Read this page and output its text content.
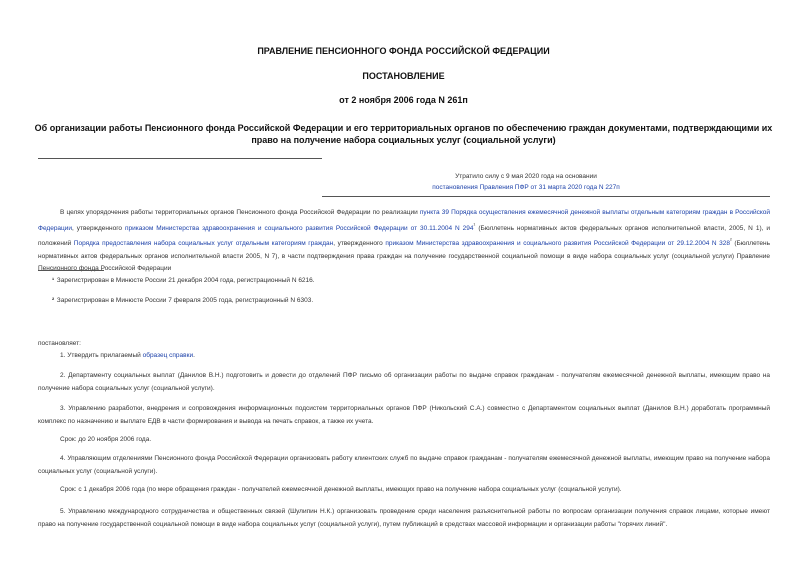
ПРАВЛЕНИЕ ПЕНСИОННОГО ФОНДА РОССИЙСКОЙ ФЕДЕРАЦИИ
ПОСТАНОВЛЕНИЕ
от 2 ноября 2006 года N 261п
Об организации работы Пенсионного фонда Российской Федерации и его территориальных органов по обеспечению граждан документами, подтверждающими их
право на получение набора социальных услуг (социальной услуги)
Утратило силу с 9 мая 2020 года на основании
постановления Правления ПФР от 31 марта 2020 года N 227п

В целях упорядочения работы территориальных органов Пенсионного фонда Российской Федерации по реализации пункта 39 Порядка осуществления ежемесячной денежной выплаты отдельным категориям граждан в Российской Федерации, утвержденного приказом Министерства здравоохранения и социального развития Российской Федерации от 30.11.2004 N $294^{^1}$ (Бюллетень нормативных актов федеральных органов исполнительной власти, 2005, N 1), и положений Порядка предоставления набора социальных услуг отдельным категориям граждан, утвержденного приказом Министерства здравоохранения и социального развития Российской Федерации от 29.12.2004 N $328^{^2}$ (Бюллетень нормативных актов федеральных органов исполнительной власти 2005, N 7), в части подтверждения права граждан на получение государственной социальной помощи в виде набора социальных услуг (социальной услуги) Правление Пенсионного фонда Российской Федерации

¹ Зарегистрирован в Минюсте России 21 декабря 2004 года, регистрационный N 6216.
² Зарегистрирован в Минюсте России 7 февраля 2005 года, регистрационный N 6303.
постановляет:

1. Утвердить прилагаемый образец справки.

2. Департаменту социальных выплат (Данилов В.Н.) подготовить и довести до отделений ПФР письмо об организации работы по выдаче справок гражданам - получателям ежемесячной денежной выплаты, имеющим право на получение набора социальных услуг (социальной услуги).

3. Управлению разработки, внедрения и сопровождения информационных подсистем территориальных органов ПФР (Никольский С.А.) совместно с Департаментом социальных выплат (Данилов В.Н.) доработать программный комплекс по назначению и выплате ЕДВ в части формирования и вывода на печать справок, а также их учета.

Срок: до 20 ноября 2006 года.

4. Управляющим отделениями Пенсионного фонда Российской Федерации организовать работу клиентских служб по выдаче справок гражданам - получателям ежемесячной денежной выплаты, имеющим право на получение набора социальных услуг (социальной услуги).

Срок: с 1 декабря 2006 года (по мере обращения граждан - получателей ежемесячной денежной выплаты, имеющих право на получение набора социальных услуг (социальной услуги).

5. Управлению международного сотрудничества и общественных связей (Шулипин Н.К.) организовать проведение среди населения разъяснительной работы по вопросам организации получения справок лицами, которые имеют право на получение государственной социальной помощи в виде набора социальных услуг (социальной услуги), путем публикаций в средствах массовой информации и организации работы "горячих линий".
